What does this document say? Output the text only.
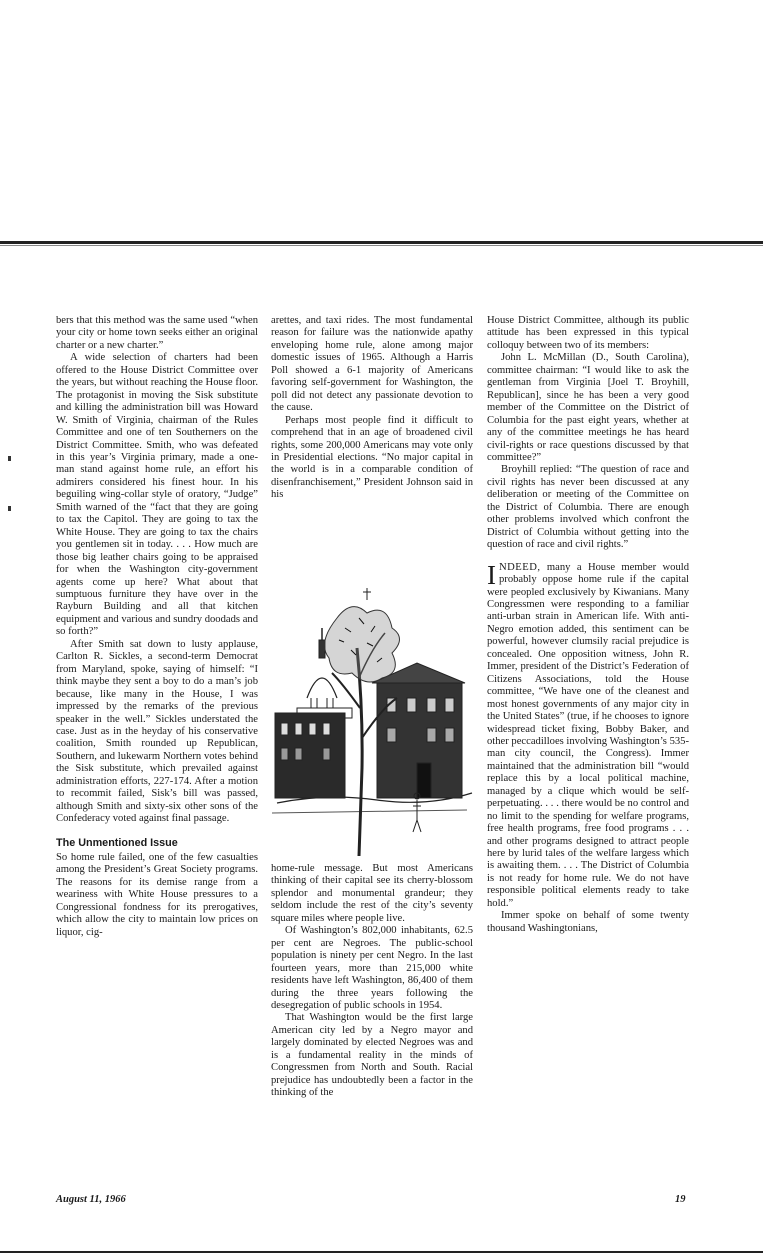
bers that this method was the same used “when your city or home town seeks either an original charter or a new charter.”

A wide selection of charters had been offered to the House District Committee over the years, but without reaching the House floor. The protagonist in moving the Sisk substitute and killing the administration bill was Howard W. Smith of Virginia, chairman of the Rules Committee and one of ten Southerners on the District Committee. Smith, who was defeated in this year’s Virginia primary, made a one-man stand against home rule, an effort his admirers considered his finest hour. In his beguiling wing-collar style of oratory, “Judge” Smith warned of the “fact that they are going to tax the Capitol. They are going to tax the White House. They are going to tax the chairs you gentlemen sit in today. . . . How much are those big leather chairs going to be appraised for when the Washington city-government agents come up here? What about that sumptuous furniture they have over in the Rayburn Building and all that kitchen equipment and various and sundry doodads and so forth?”

After Smith sat down to lusty applause, Carlton R. Sickles, a second-term Democrat from Maryland, spoke, saying of himself: “I think maybe they sent a boy to do a man’s job because, like many in the House, I was impressed by the remarks of the previous speaker in the well.” Sickles understated the case. Just as in the heyday of his conservative coalition, Smith rounded up Republican, Southern, and lukewarm Northern votes behind the Sisk substitute, which prevailed against administration efforts, 227-174. After a motion to recommit failed, Sisk’s bill was passed, although Smith and sixty-six other sons of the Confederacy voted against final passage.

The Unmentioned Issue

So home rule failed, one of the few casualties among the President’s Great Society programs. The reasons for its demise range from a weariness with White House pressures to a Congressional fondness for its prerogatives, which allow the city to maintain low prices on liquor, cig-

arettes, and taxi rides. The most fundamental reason for failure was the nationwide apathy enveloping home rule, alone among major domestic issues of 1965. Although a Harris Poll showed a 6-1 majority of Americans favoring self-government for Washington, the poll did not detect any passionate devotion to the cause.

Perhaps most people find it difficult to comprehend that in an age of broadened civil rights, some 200,000 Americans may vote only in Presidential elections. “No major capital in the world is in a comparable condition of disenfranchisement,” President Johnson said in his

home-rule message. But most Americans thinking of their capital see its cherry-blossom splendor and monumental grandeur; they seldom include the rest of the city’s seventy square miles where people live.

Of Washington’s 802,000 inhabitants, 62.5 per cent are Negroes. The public-school population is ninety per cent Negro. In the last fourteen years, more than 215,000 white residents have left Washington, 86,400 of them during the three years following the desegregation of public schools in 1954.

That Washington would be the first large American city led by a Negro mayor and largely dominated by elected Negroes was and is a fundamental reality in the minds of Congressmen from North and South. Racial prejudice has undoubtedly been a factor in the thinking of the

House District Committee, although its public attitude has been expressed in this typical colloquy between two of its members:

John L. McMillan (D., South Carolina), committee chairman: “I would like to ask the gentleman from Virginia [Joel T. Broyhill, Republican], since he has been a very good member of the Committee on the District of Columbia for the past eight years, whether at any of the committee meetings he has heard civil-rights or race questions discussed by that committee?”

Broyhill replied: “The question of race and civil rights has never been discussed at any deliberation or meeting of the Committee on the District of Columbia. There are enough other problems involved which confront the District of Columbia without getting into the question of race and civil rights.”

INDEED, many a House member would probably oppose home rule if the capital were peopled exclusively by Kiwanians. Many Congressmen were responding to a familiar anti-urban strain in American life. With anti-Negro emotion added, this sentiment can be powerful, however clumsily racial prejudice is concealed. One opposition witness, John R. Immer, president of the District’s Federation of Citizens Associations, told the House committee, “We have one of the cleanest and most honest governments of any major city in the United States” (true, if he chooses to ignore widespread ticket fixing, Bobby Baker, and other peccadilloes involving Washington’s 535-man city council, the Congress). Immer maintained that the administration bill “would replace this by a local political machine, managed by a clique which would be self-perpetuating. . . . there would be no control and no limit to the spending for welfare programs, free health programs, free food programs . . . and other programs designed to attract people here by lurid tales of the welfare largess which is awaiting them. . . . The District of Columbia is not ready for home rule. We do not have responsible political elements ready to take hold.”

Immer spoke on behalf of some twenty thousand Washingtonians,

August 11, 1966	19
